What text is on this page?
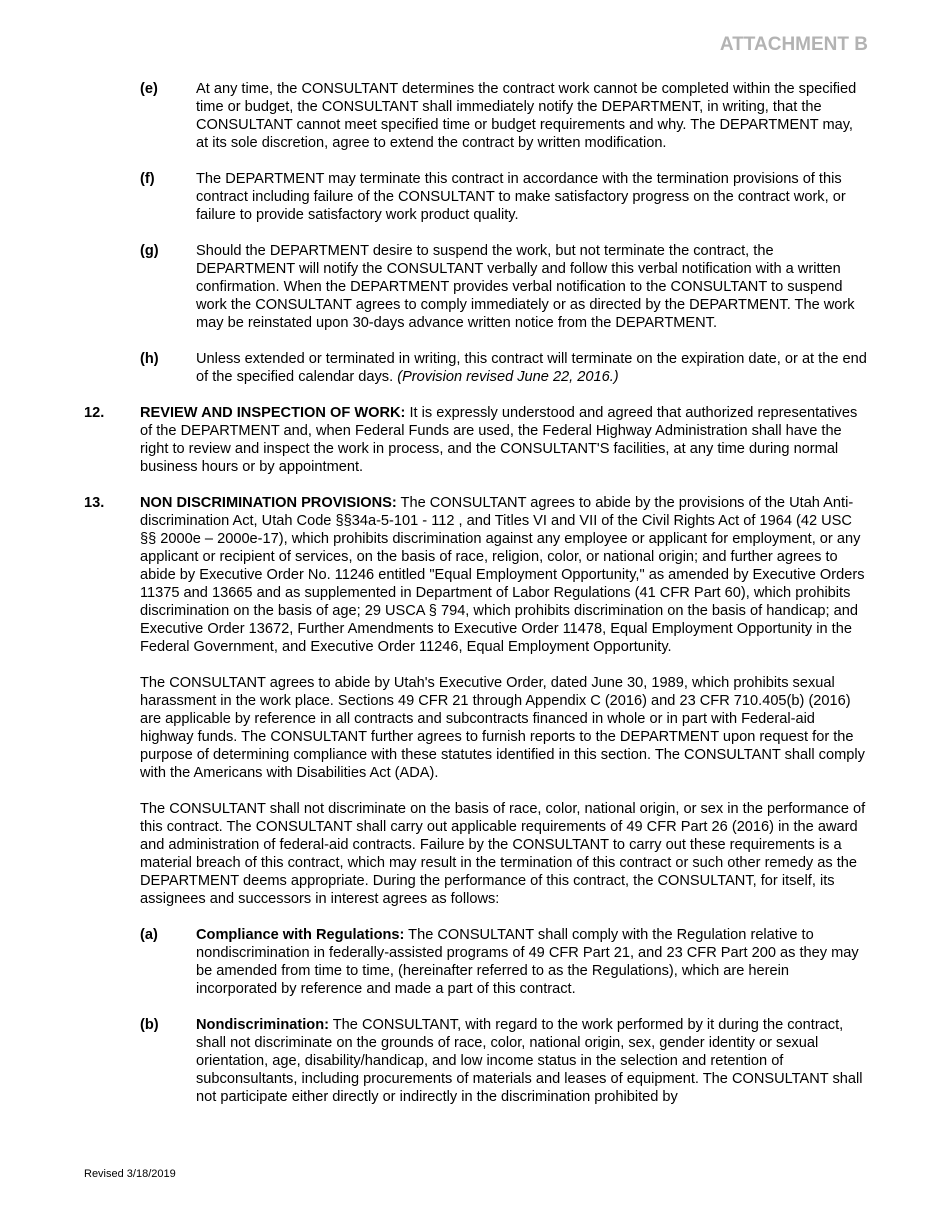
ATTACHMENT B
(e)	At any time, the CONSULTANT determines the contract work cannot be completed within the specified time or budget, the CONSULTANT shall immediately notify the DEPARTMENT, in writing, that the CONSULTANT cannot meet specified time or budget requirements and why. The DEPARTMENT may, at its sole discretion, agree to extend the contract by written modification.

(f)	The DEPARTMENT may terminate this contract in accordance with the termination provisions of this contract including failure of the CONSULTANT to make satisfactory progress on the contract work, or failure to provide satisfactory work product quality.

(g)	Should the DEPARTMENT desire to suspend the work, but not terminate the contract, the DEPARTMENT will notify the CONSULTANT verbally and follow this verbal notification with a written confirmation. When the DEPARTMENT provides verbal notification to the CONSULTANT to suspend work the CONSULTANT agrees to comply immediately or as directed by the DEPARTMENT. The work may be reinstated upon 30-days advance written notice from the DEPARTMENT.

(h)	Unless extended or terminated in writing, this contract will terminate on the expiration date, or at the end of the specified calendar days. (Provision revised June 22, 2016.)

12. REVIEW AND INSPECTION OF WORK: It is expressly understood and agreed that authorized representatives of the DEPARTMENT and, when Federal Funds are used, the Federal Highway Administration shall have the right to review and inspect the work in process, and the CONSULTANT'S facilities, at any time during normal business hours or by appointment.

13. NON DISCRIMINATION PROVISIONS: The CONSULTANT agrees to abide by the provisions of the Utah Anti-discrimination Act, Utah Code §§34a-5-101 - 112 , and Titles VI and VII of the Civil Rights Act of 1964 (42 USC §§ 2000e – 2000e-17), which prohibits discrimination against any employee or applicant for employment, or any applicant or recipient of services, on the basis of race, religion, color, or national origin; and further agrees to abide by Executive Order No. 11246 entitled "Equal Employment Opportunity," as amended by Executive Orders 11375 and 13665 and as supplemented in Department of Labor Regulations (41 CFR Part 60), which prohibits discrimination on the basis of age; 29 USCA § 794, which prohibits discrimination on the basis of handicap; and Executive Order 13672, Further Amendments to Executive Order 11478, Equal Employment Opportunity in the Federal Government, and Executive Order 11246, Equal Employment Opportunity.

The CONSULTANT agrees to abide by Utah's Executive Order, dated June 30, 1989, which prohibits sexual harassment in the work place. Sections 49 CFR 21 through Appendix C (2016) and 23 CFR 710.405(b) (2016) are applicable by reference in all contracts and subcontracts financed in whole or in part with Federal-aid highway funds. The CONSULTANT further agrees to furnish reports to the DEPARTMENT upon request for the purpose of determining compliance with these statutes identified in this section. The CONSULTANT shall comply with the Americans with Disabilities Act (ADA).

The CONSULTANT shall not discriminate on the basis of race, color, national origin, or sex in the performance of this contract. The CONSULTANT shall carry out applicable requirements of 49 CFR Part 26 (2016) in the award and administration of federal-aid contracts. Failure by the CONSULTANT to carry out these requirements is a material breach of this contract, which may result in the termination of this contract or such other remedy as the DEPARTMENT deems appropriate. During the performance of this contract, the CONSULTANT, for itself, its assignees and successors in interest agrees as follows:

(a)	Compliance with Regulations: The CONSULTANT shall comply with the Regulation relative to nondiscrimination in federally-assisted programs of 49 CFR Part 21, and 23 CFR Part 200 as they may be amended from time to time, (hereinafter referred to as the Regulations), which are herein incorporated by reference and made a part of this contract.

(b)	Nondiscrimination: The CONSULTANT, with regard to the work performed by it during the contract, shall not discriminate on the grounds of race, color, national origin, sex, gender identity or sexual orientation, age, disability/handicap, and low income status in the selection and retention of subconsultants, including procurements of materials and leases of equipment. The CONSULTANT shall not participate either directly or indirectly in the discrimination prohibited by

Revised 3/18/2019
